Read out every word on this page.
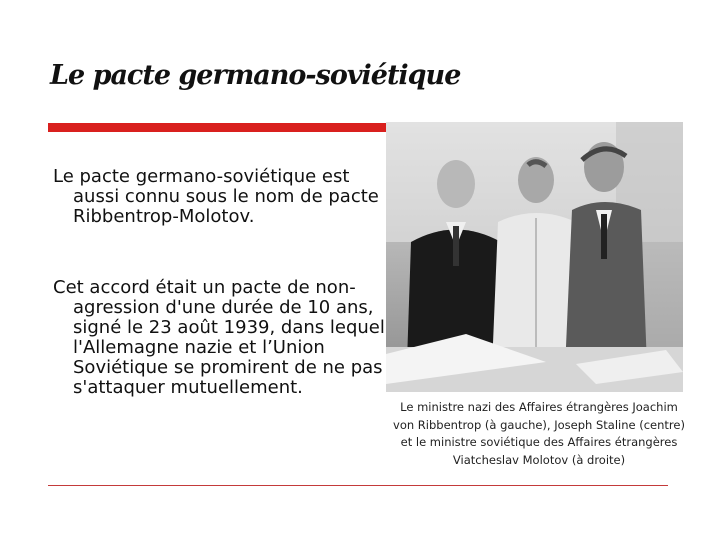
Le pacte germano-soviétique
Le pacte germano-soviétique est aussi connu sous le nom de pacte Ribbentrop-Molotov.
Cet accord était un pacte de non-agression d'une durée de 10 ans, signé le 23 août 1939, dans lequel l'Allemagne nazie et l’Union Soviétique se promirent de ne pas s'attaquer mutuellement.
Le ministre nazi des Affaires étrangères Joachim von Ribbentrop (à gauche), Joseph Staline (centre) et le ministre soviétique des Affaires étrangères Viatcheslav Molotov (à droite)
